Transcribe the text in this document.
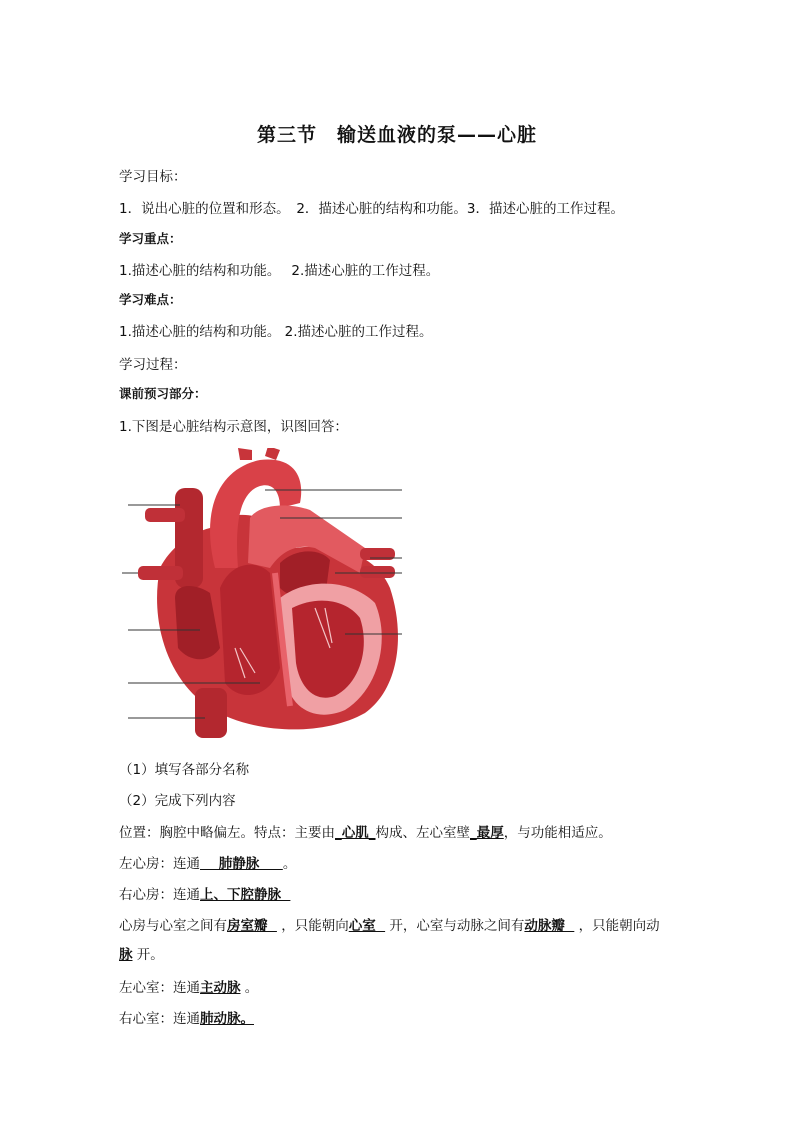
第三节　输送血液的泵——心脏
学习目标：
1．说出心脏的位置和形态。　2．描述心脏的结构和功能。3．描述心脏的工作过程。
学习重点：
1.描述心脏的结构和功能。　 2.描述心脏的工作过程。
学习难点：
1.描述心脏的结构和功能。 2.描述心脏的工作过程。
学习过程：
课前预习部分：
1.下图是心脏结构示意图，识图回答：
（1）填写各部分名称
（2）完成下列内容
位置：胸腔中略偏左。特点：主要由_心肌_构成、左心室壁_最厚，与功能相适应。
左心房：连通    肺静脉     。
右心房：连通上、下腔静脉
心房与心室之间有房室瓣   ，只能朝向心室   开，心室与动脉之间有动脉瓣   ，只能朝向动
脉 开。
左心室：连通主动脉 。
右心室：连通肺动脉。
